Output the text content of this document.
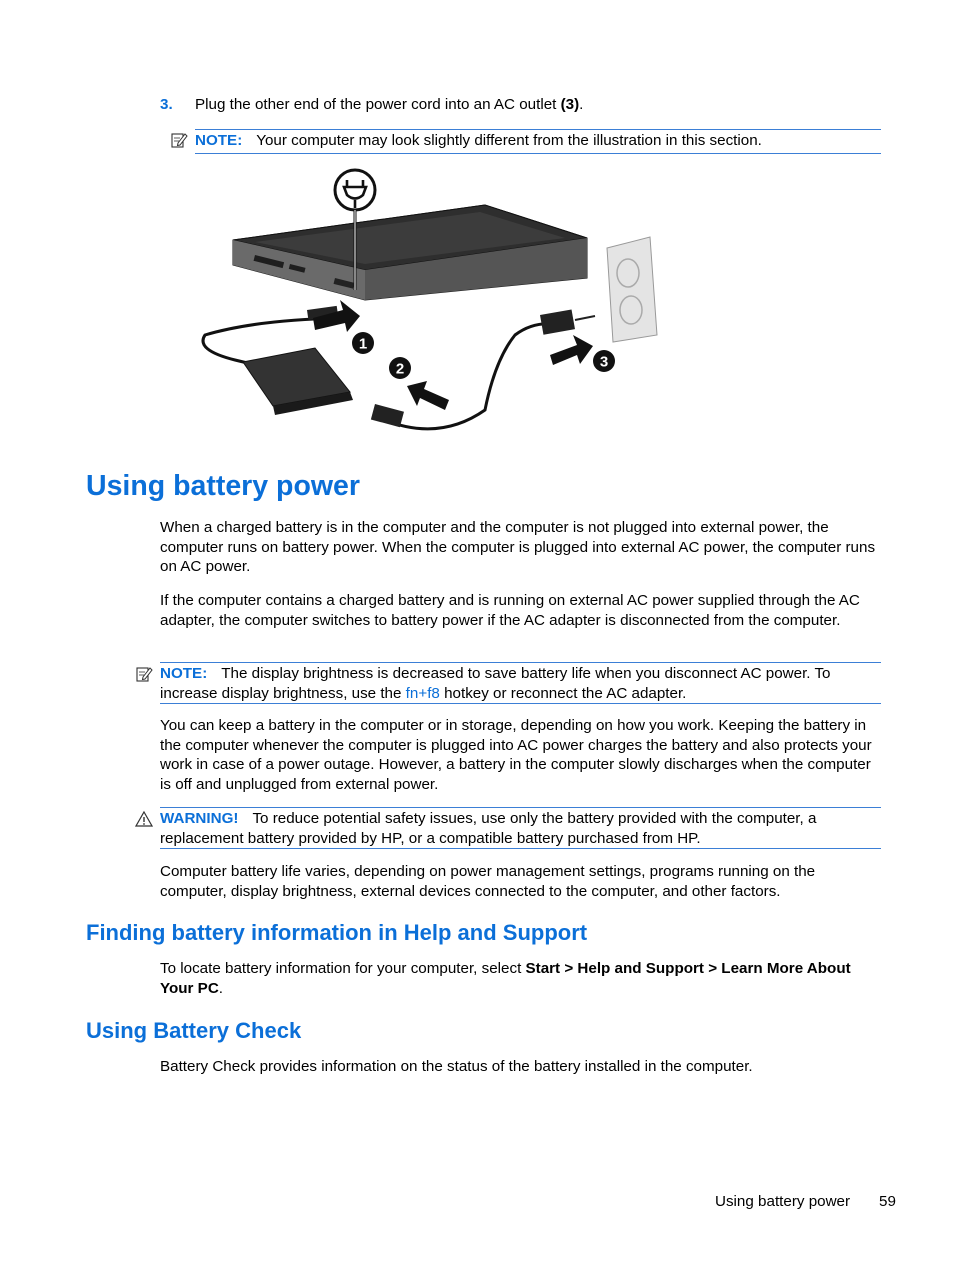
3. Plug the other end of the power cord into an AC outlet (3).
NOTE: Your computer may look slightly different from the illustration in this section.
1
2	3
Using battery power

When a charged battery is in the computer and the computer is not plugged into external power, the computer runs on battery power. When the computer is plugged into external AC power, the computer runs on AC power.

If the computer contains a charged battery and is running on external AC power supplied through the AC adapter, the computer switches to battery power if the AC adapter is disconnected from the computer.

NOTE: The display brightness is decreased to save battery life when you disconnect AC power. To increase display brightness, use the fn+f8 hotkey or reconnect the AC adapter.

You can keep a battery in the computer or in storage, depending on how you work. Keeping the battery in the computer whenever the computer is plugged into AC power charges the battery and also protects your work in case of a power outage. However, a battery in the computer slowly discharges when the computer is off and unplugged from external power.

WARNING! To reduce potential safety issues, use only the battery provided with the computer, a replacement battery provided by HP, or a compatible battery purchased from HP.

Computer battery life varies, depending on power management settings, programs running on the computer, display brightness, external devices connected to the computer, and other factors.

Finding battery information in Help and Support

To locate battery information for your computer, select Start > Help and Support > Learn More About Your PC.

Using Battery Check

Battery Check provides information on the status of the battery installed in the computer.

Using battery power 59
